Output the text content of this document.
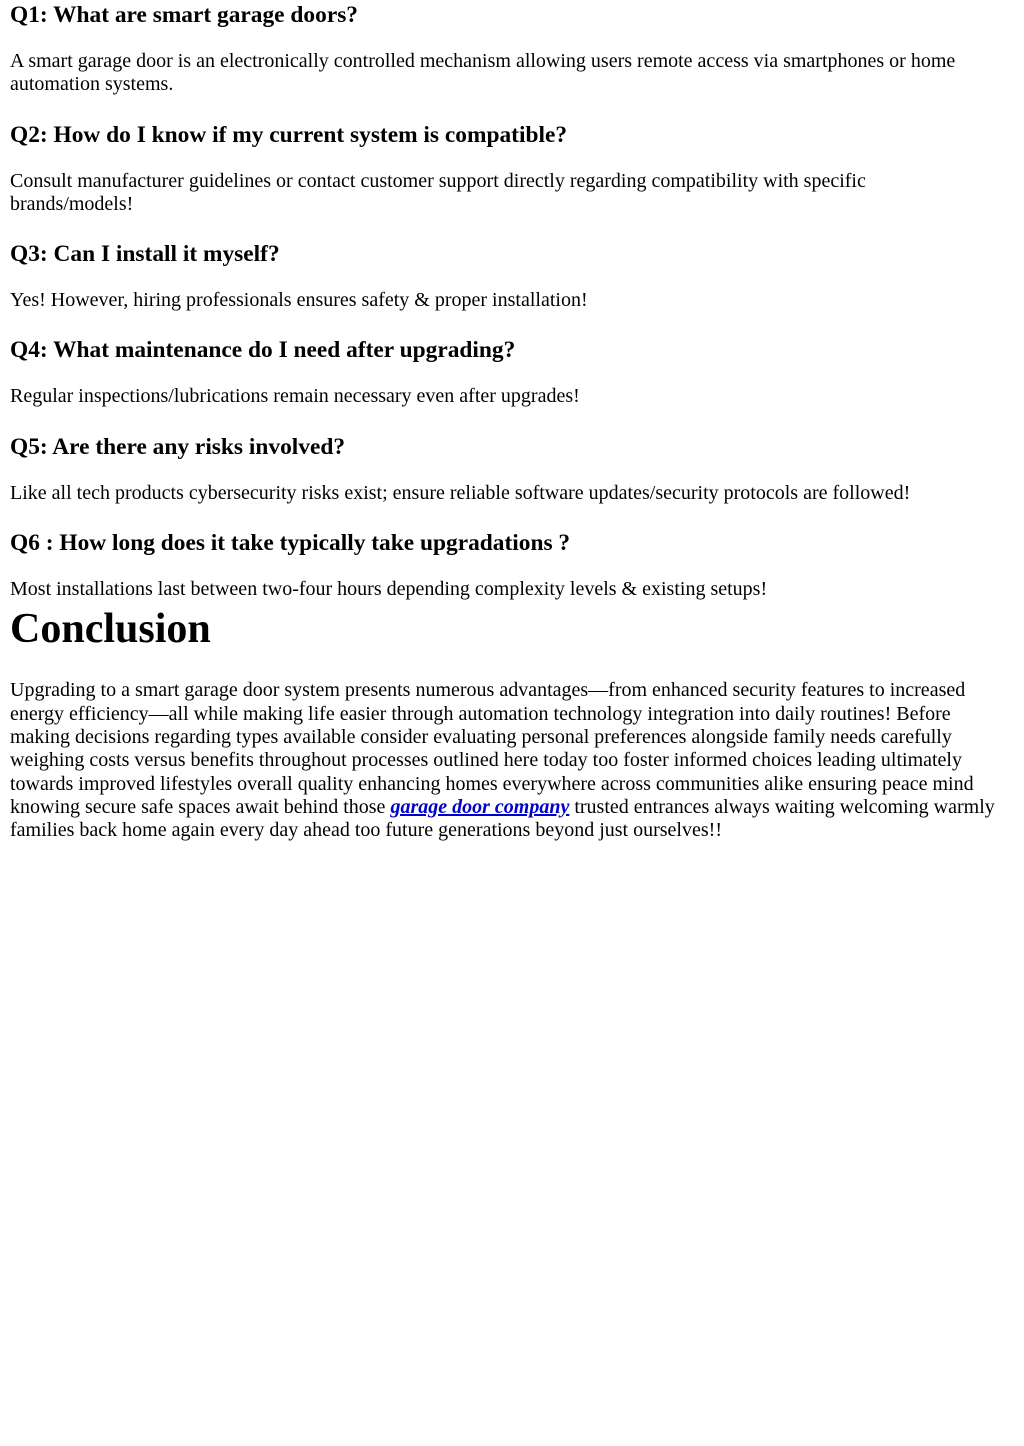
Q1: What are smart garage doors?

A smart garage door is an electronically controlled mechanism allowing users remote access via smartphones or home automation systems.

Q2: How do I know if my current system is compatible?

Consult manufacturer guidelines or contact customer support directly regarding compatibility with specific brands/models!

Q3: Can I install it myself?

Yes! However, hiring professionals ensures safety & proper installation!

Q4: What maintenance do I need after upgrading?

Regular inspections/lubrications remain necessary even after upgrades!

Q5: Are there any risks involved?

Like all tech products cybersecurity risks exist; ensure reliable software updates/security protocols are followed!

Q6 : How long does it take typically take upgradations ?

Most installations last between two-four hours depending complexity levels & existing setups!

Conclusion

Upgrading to a smart garage door system presents numerous advantages—from enhanced security features to increased energy efficiency—all while making life easier through automation technology integration into daily routines! Before making decisions regarding types available consider evaluating personal preferences alongside family needs carefully weighing costs versus benefits throughout processes outlined here today too foster informed choices leading ultimately towards improved lifestyles overall quality enhancing homes everywhere across communities alike ensuring peace mind knowing secure safe spaces await behind those garage door company trusted entrances always waiting welcoming warmly families back home again every day ahead too future generations beyond just ourselves!!
